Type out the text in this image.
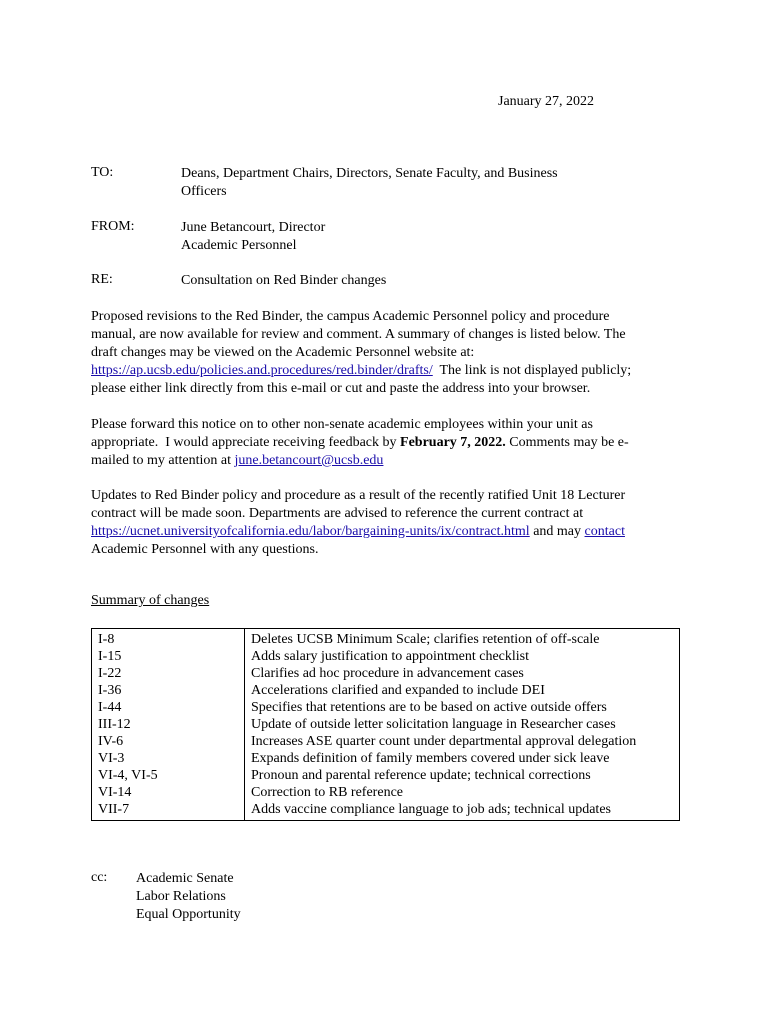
January 27, 2022
TO:	Deans, Department Chairs, Directors, Senate Faculty, and Business
Officers
FROM:	June Betancourt, Director
Academic Personnel
RE:	Consultation on Red Binder changes
Proposed revisions to the Red Binder, the campus Academic Personnel policy and procedure
manual, are now available for review and comment. A summary of changes is listed below. The
draft changes may be viewed on the Academic Personnel website at:
https://ap.ucsb.edu/policies.and.procedures/red.binder/drafts/  The link is not displayed publicly;
please either link directly from this e-mail or cut and paste the address into your browser.
Please forward this notice on to other non-senate academic employees within your unit as
appropriate.  I would appreciate receiving feedback by February 7, 2022. Comments may be e-
mailed to my attention at june.betancourt@ucsb.edu
Updates to Red Binder policy and procedure as a result of the recently ratified Unit 18 Lecturer
contract will be made soon. Departments are advised to reference the current contract at
https://ucnet.universityofcalifornia.edu/labor/bargaining-units/ix/contract.html and may contact
Academic Personnel with any questions.
Summary of changes
I-8	Deletes UCSB Minimum Scale; clarifies retention of off-scale
I-15	Adds salary justification to appointment checklist
I-22	Clarifies ad hoc procedure in advancement cases
I-36	Accelerations clarified and expanded to include DEI
I-44	Specifies that retentions are to be based on active outside offers
III-12	Update of outside letter solicitation language in Researcher cases
IV-6	Increases ASE quarter count under departmental approval delegation
VI-3	Expands definition of family members covered under sick leave
VI-4, VI-5	Pronoun and parental reference update; technical corrections
VI-14	Correction to RB reference
VII-7	Adds vaccine compliance language to job ads; technical updates
cc: Academic Senate
Labor Relations
Equal Opportunity
